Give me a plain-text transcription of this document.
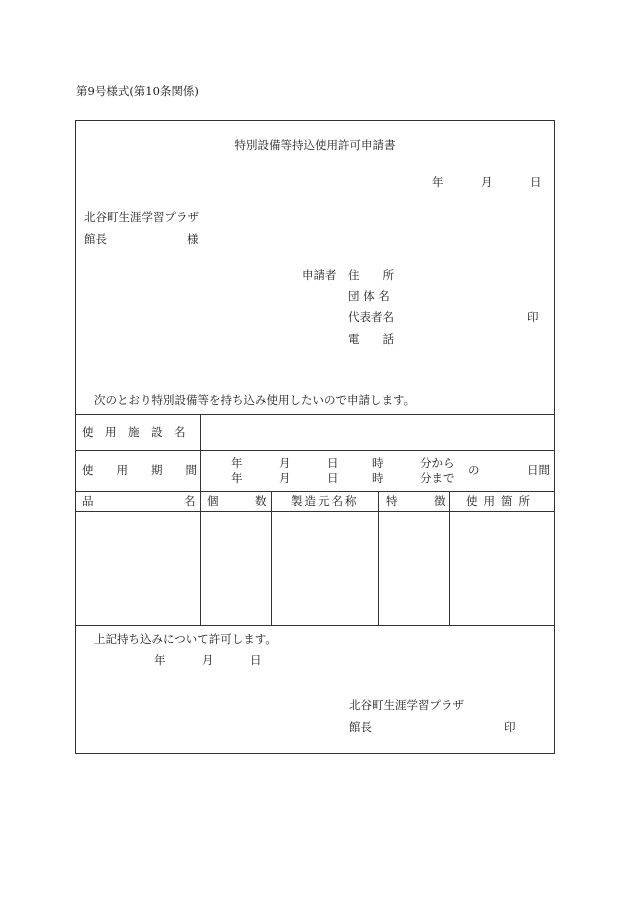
第9号様式(第10条関係)
特別設備等持込使用許可申請書
年	月	日
北谷町生涯学習プラザ
館長	様
申請者 住　　所
団 体 名
代表者名	印
電　　話
次のとおり特別設備等を持ち込み使用したいので申請します。
使　用　施　設　名
使　　用　　期　　間	年	月	日	時	分から
年	月	日	時	分まで
の	日間
品	名 個	数 製造元名称 特	徴 使用箇所
上記持ち込みについて許可します。
年	月	日
北谷町生涯学習プラザ
館長	印
